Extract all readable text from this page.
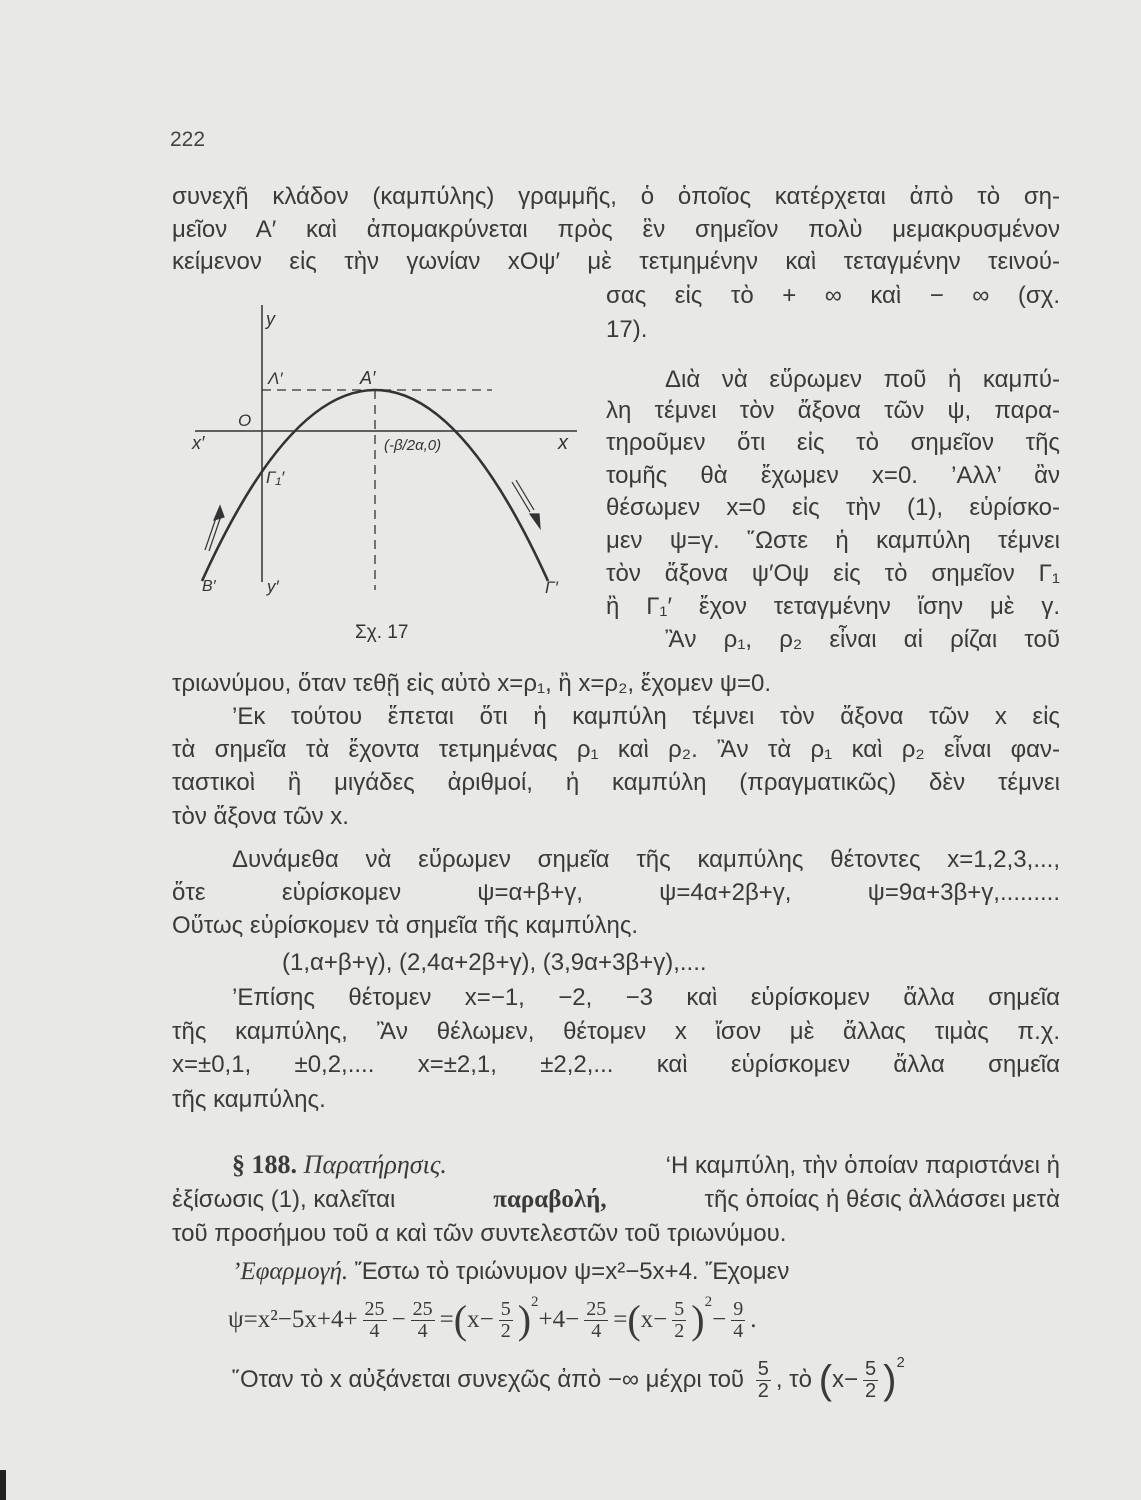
222
συνεχῆ κλάδον (καμπύλης) γραμμῆς, ὁ ὁποῖος κατέρχεται ἀπὸ τὸ ση-
μεῖον Α′ καὶ ἀπομακρύνεται πρὸς ἓν σημεῖον πολὺ μεμακρυσμένον
κείμενον εἰς τὴν γωνίαν xΟψ′ μὲ τετμημένην καὶ τεταγμένην τεινού-
σας εἰς τὸ + ∞ καὶ − ∞ (σχ.
17).
Διὰ νὰ εὕρωμεν ποῦ ἡ καμπύ-
λη τέμνει τὸν ἄξονα τῶν ψ, παρα-
τηροῦμεν ὅτι εἰς τὸ σημεῖον τῆς
τομῆς θὰ ἔχωμεν x=0. ’Αλλ’ ἂν
θέσωμεν x=0 εἰς τὴν (1), εὑρίσκο-
μεν ψ=γ. ῞Ωστε ἡ καμπύλη τέμνει
τὸν ἄξονα ψ′Οψ εἰς τὸ σημεῖον Γ₁
ἢ Γ₁′ ἔχον τεταγμένην ἴσην μὲ γ.
Ἂν ρ₁, ρ₂ εἶναι αἱ ρίζαι τοῦ
τριωνύμου, ὅταν τεθῇ εἰς αὐτὸ x=ρ₁, ἢ x=ρ₂, ἔχομεν ψ=0.
’Εκ τούτου ἕπεται ὅτι ἡ καμπύλη τέμνει τὸν ἄξονα τῶν x εἰς
τὰ σημεῖα τὰ ἔχοντα τετμημένας ρ₁ καὶ ρ₂. Ἂν τὰ ρ₁ καὶ ρ₂ εἶναι φαν-
ταστικοὶ ἢ μιγάδες ἀριθμοί, ἡ καμπύλη (πραγματικῶς) δὲν τέμνει
τὸν ἄξονα τῶν x.
Δυνάμεθα νὰ εὕρωμεν σημεῖα τῆς καμπύλης θέτοντες x=1,2,3,...,
ὅτε εὑρίσκομεν ψ=α+β+γ, ψ=4α+2β+γ, ψ=9α+3β+γ,.........
Οὕτως εὑρίσκομεν τὰ σημεῖα τῆς καμπύλης.
(1,α+β+γ), (2,4α+2β+γ), (3,9α+3β+γ),....
’Επίσης θέτομεν x=−1, −2, −3 καὶ εὑρίσκομεν ἄλλα σημεῖα
τῆς καμπύλης, Ἂν θέλωμεν, θέτομεν x ἴσον μὲ ἄλλας τιμὰς π.χ.
x=±0,1, ±0,2,.... x=±2,1, ±2,2,... καὶ εὑρίσκομεν ἄλλα σημεῖα
τῆς καμπύλης.
§ 188. Παρατήρησις.	‘Η καμπύλη, τὴν ὁποίαν παριστάνει ἡ
ἐξίσωσις (1), καλεῖται	παραβολή,	τῆς ὁποίας ἡ θέσις ἀλλάσσει μετὰ
τοῦ προσήμου τοῦ α καὶ τῶν συντελεστῶν τοῦ τριωνύμου.
’Εφαρμογή. Ἔστω τὸ τριώνυμον ψ=x²−5x+4. Ἔχομεν
$\psi=x^2-5x+4+ \frac{25}{4} - \frac{25}{4}$ = ( $x- \frac{5}{2}$ ) 2
$+4- \frac{25}{4}$ = ( $x- \frac{5}{2}$ ) 2
− $\frac{9}{4}$ .
῞Οταν τὸ x αὐξάνεται συνεχῶς ἀπὸ −∞ μέχρι τοῦ $\frac{5}{2}$ , τὸ ( $x- \frac{5}{2}$ ) 2
y
Λ′	A′
O
x′	x
(-β/2α,0)
Γ₁′
B′	y′	Γ′
Σχ. 17
